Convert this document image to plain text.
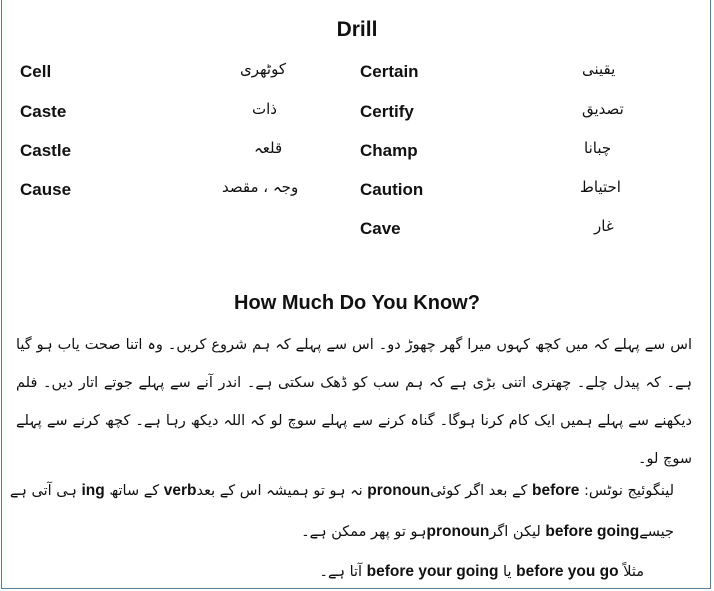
Drill
Cell	کوٹھری
Caste	ذات
Castle	قلعہ
Cause	وجہ ، مقصد
Certain	یقینی
Certify	تصدیق
Champ	چبانا
Caution	احتیاط
Cave	غار
How Much Do You Know?
اس سے پہلے کہ میں کچھ کہوں میرا گھر چھوڑ دو۔ اس سے پہلے کہ ہم شروع کریں۔ وہ اتنا صحت یاب ہو گیا ہے۔ کہ پیدل چلے۔ چھتری اتنی بڑی ہے کہ ہم سب کو ڈھک سکتی ہے۔ اندر آنے سے پہلے جوتے اتار دیں۔ فلم دیکھنے سے پہلے ہمیں ایک کام کرنا ہوگا۔ گناہ کرنے سے پہلے سوچ لو کہ اللہ دیکھ رہا ہے۔ کچھ کرنے سے پہلے سوچ لو۔
لینگوئیج نوٹس: before کے بعد اگر کوئیpronoun نہ ہو تو ہمیشہ اس کے بعدverb کے ساتھ ing ہی آتی ہے
جیسےbefore going لیکن اگرpronounہو تو پھر ممکن ہے۔
مثلاً before you go یا before your going آتا ہے۔
